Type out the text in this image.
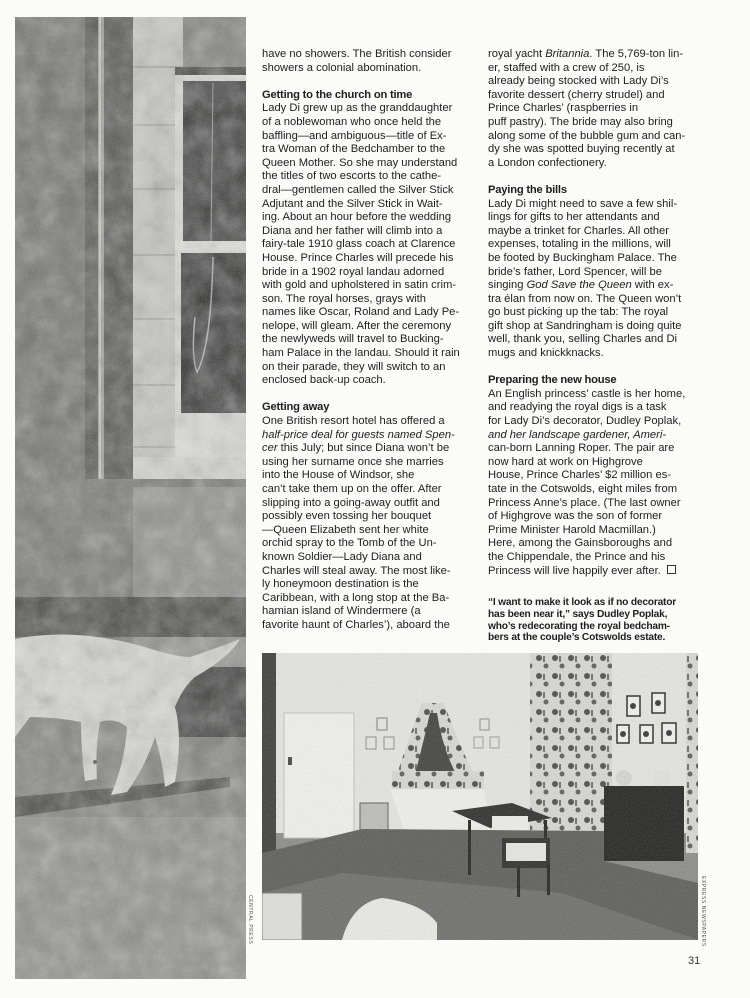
CENTRAL PRESS

have no showers. The British consider
showers a colonial abomination.

Getting to the church on time

Lady Di grew up as the granddaughter
of a noblewoman who once held the
baffling—and ambiguous—title of Ex-
tra Woman of the Bedchamber to the
Queen Mother. So she may understand
the titles of two escorts to the cathe-
dral—gentlemen called the Silver Stick
Adjutant and the Silver Stick in Wait-
ing. About an hour before the wedding
Diana and her father will climb into a
fairy-tale 1910 glass coach at Clarence
House. Prince Charles will precede his
bride in a 1902 royal landau adorned
with gold and upholstered in satin crim-
son. The royal horses, grays with
names like Oscar, Roland and Lady Pe-
nelope, will gleam. After the ceremony
the newlyweds will travel to Bucking-
ham Palace in the landau. Should it rain
on their parade, they will switch to an
enclosed back-up coach.

Getting away

One British resort hotel has offered a
half-price deal for guests named Spen-
cer this July; but since Diana won’t be
using her surname once she marries
into the House of Windsor, she
can’t take them up on the offer. After
slipping into a going-away outfit and
possibly even tossing her bouquet
—Queen Elizabeth sent her white
orchid spray to the Tomb of the Un-
known Soldier—Lady Diana and
Charles will steal away. The most like-
ly honeymoon destination is the
Caribbean, with a long stop at the Ba-
hamian island of Windermere (a
favorite haunt of Charles’), aboard the

royal yacht Britannia. The 5,769-ton lin-
er, staffed with a crew of 250, is
already being stocked with Lady Di’s
favorite dessert (cherry strudel) and
Prince Charles’ (raspberries in
puff pastry). The bride may also bring
along some of the bubble gum and can-
dy she was spotted buying recently at
a London confectionery.

Paying the bills

Lady Di might need to save a few shil-
lings for gifts to her attendants and
maybe a trinket for Charles. All other
expenses, totaling in the millions, will
be footed by Buckingham Palace. The
bride’s father, Lord Spencer, will be
singing God Save the Queen with ex-
tra élan from now on. The Queen won’t
go bust picking up the tab: The royal
gift shop at Sandringham is doing quite
well, thank you, selling Charles and Di
mugs and knickknacks.

Preparing the new house

An English princess’ castle is her home,
and readying the royal digs is a task
for Lady Di’s decorator, Dudley Poplak,
and her landscape gardener, Ameri-
can-born Lanning Roper. The pair are
now hard at work on Highgrove
House, Prince Charles’ $2 million es-
tate in the Cotswolds, eight miles from
Princess Anne’s place. (The last owner
of Highgrove was the son of former
Prime Minister Harold Macmillan.)
Here, among the Gainsboroughs and
the Chippendale, the Prince and his
Princess will live happily ever after.

“I want to make it look as if no decorator
has been near it,” says Dudley Poplak,
who’s redecorating the royal bedcham-
bers at the couple’s Cotswolds estate.
EXPRESS NEWSPAPERS
31
